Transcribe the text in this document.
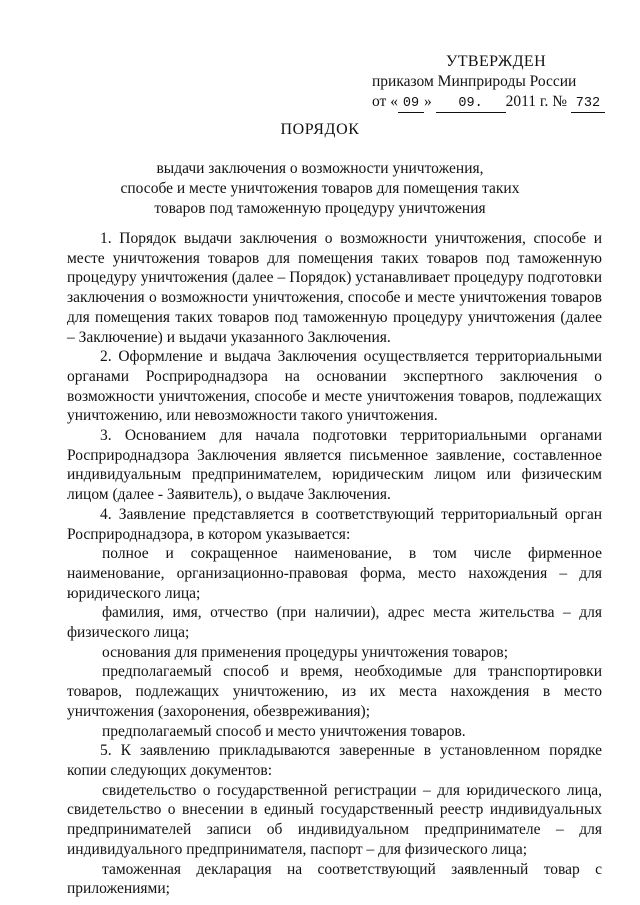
УТВЕРЖДЕН
приказом Минприроды России
от « 09 » 09. 2011 г. № 732
ПОРЯДОК
выдачи заключения о возможности уничтожения,
способе и месте уничтожения товаров для помещения таких
товаров под таможенную процедуру уничтожения

1. Порядок выдачи заключения о возможности уничтожения, способе и месте уничтожения товаров для помещения таких товаров под таможенную процедуру уничтожения (далее – Порядок) устанавливает процедуру подготовки заключения о возможности уничтожения, способе и месте уничтожения товаров для помещения таких товаров под таможенную процедуру уничтожения (далее – Заключение) и выдачи указанного Заключения.

2. Оформление и выдача Заключения осуществляется территориальными органами Росприроднадзора на основании экспертного заключения о возможности уничтожения, способе и месте уничтожения товаров, подлежащих уничтожению, или невозможности такого уничтожения.

3. Основанием для начала подготовки территориальными органами Росприроднадзора Заключения является письменное заявление, составленное индивидуальным предпринимателем, юридическим лицом или физическим лицом (далее - Заявитель), о выдаче Заключения.

4. Заявление представляется в соответствующий территориальный орган Росприроднадзора, в котором указывается:

полное и сокращенное наименование, в том числе фирменное наименование, организационно-правовая форма, место нахождения – для юридического лица;

фамилия, имя, отчество (при наличии), адрес места жительства – для физического лица;

основания для применения процедуры уничтожения товаров;

предполагаемый способ и время, необходимые для транспортировки товаров, подлежащих уничтожению, из их места нахождения в место уничтожения (захоронения, обезвреживания);

предполагаемый способ и место уничтожения товаров.

5. К заявлению прикладываются заверенные в установленном порядке копии следующих документов:

свидетельство о государственной регистрации – для юридического лица, свидетельство о внесении в единый государственный реестр индивидуальных предпринимателей записи об индивидуальном предпринимателе – для индивидуального предпринимателя, паспорт – для физического лица;

таможенная декларация на соответствующий заявленный товар с приложениями;
